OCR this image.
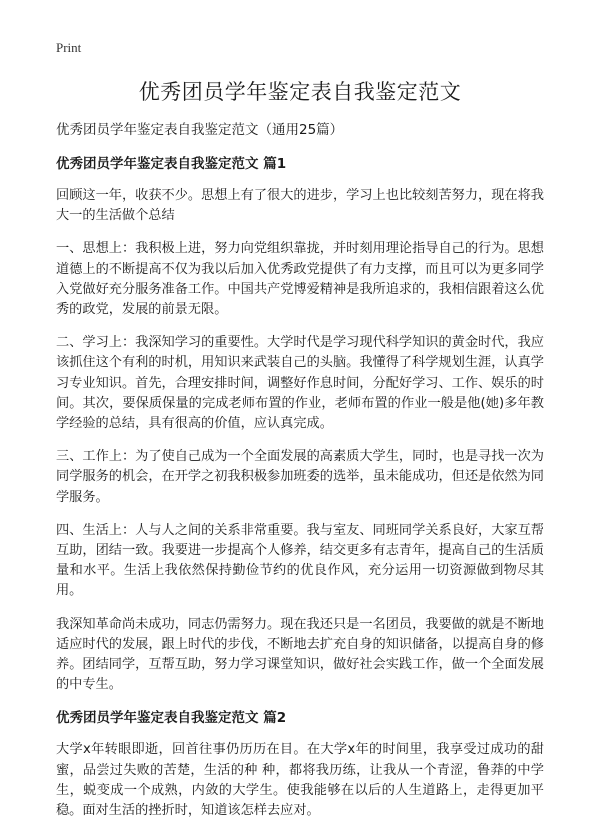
Print
优秀团员学年鉴定表自我鉴定范文
优秀团员学年鉴定表自我鉴定范文（通用25篇）
优秀团员学年鉴定表自我鉴定范文 篇1

回顾这一年，收获不少。思想上有了很大的进步，学习上也比较刻苦努力，现在将我大一的生活做个总结

一、思想上：我积极上进，努力向党组织靠拢，并时刻用理论指导自己的行为。思想道德上的不断提高不仅为我以后加入优秀政党提供了有力支撑，而且可以为更多同学入党做好充分服务准备工作。中国共产党博爱精神是我所追求的，我相信跟着这么优秀的政党，发展的前景无限。

二、学习上：我深知学习的重要性。大学时代是学习现代科学知识的黄金时代，我应该抓住这个有利的时机，用知识来武装自己的头脑。我懂得了科学规划生涯，认真学习专业知识。首先，合理安排时间，调整好作息时间，分配好学习、工作、娱乐的时间。其次，要保质保量的完成老师布置的作业，老师布置的作业一般是他(她)多年教学经验的总结，具有很高的价值，应认真完成。

三、工作上：为了使自己成为一个全面发展的高素质大学生，同时，也是寻找一次为同学服务的机会，在开学之初我积极参加班委的选举，虽未能成功，但还是依然为同学服务。

四、生活上：人与人之间的关系非常重要。我与室友、同班同学关系良好，大家互帮互助，团结一致。我要进一步提高个人修养，结交更多有志青年，提高自己的生活质量和水平。生活上我依然保持勤俭节约的优良作风，充分运用一切资源做到物尽其用。

我深知革命尚未成功，同志仍需努力。现在我还只是一名团员，我要做的就是不断地适应时代的发展，跟上时代的步伐，不断地去扩充自身的知识储备，以提高自身的修养。团结同学，互帮互助，努力学习课堂知识，做好社会实践工作，做一个全面发展的中专生。

优秀团员学年鉴定表自我鉴定范文 篇2

大学x年转眼即逝，回首往事仍历历在目。在大学x年的时间里，我享受过成功的甜蜜，品尝过失败的苦楚，生活的种 种，都将我历练，让我从一个青涩，鲁莽的中学生，蜕变成一个成熟，内敛的大学生。使我能够在以后的人生道路上，走得更加平稳。面对生活的挫折时，知道该怎样去应对。
